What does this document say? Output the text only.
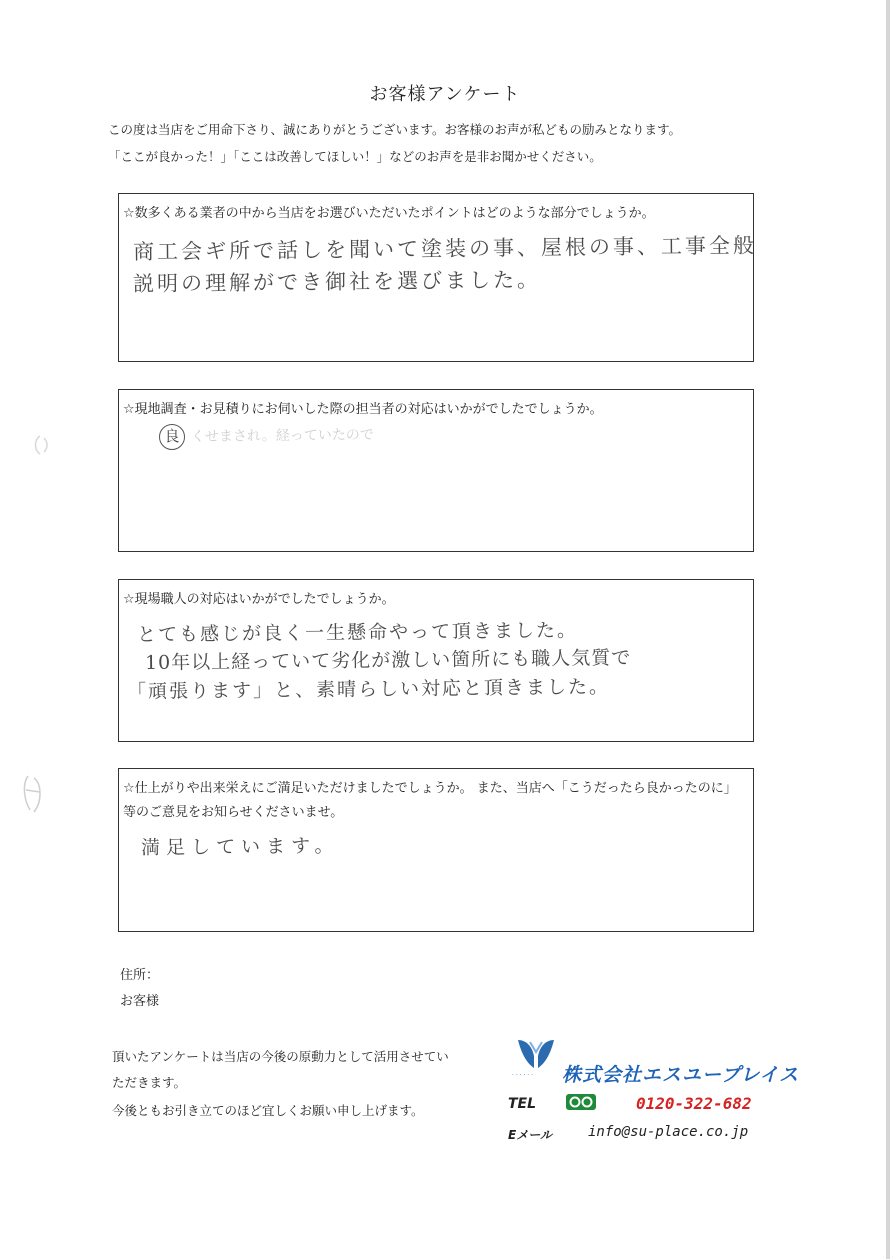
お客様アンケート
この度は当店をご用命下さり、誠にありがとうございます。お客様のお声が私どもの励みとなります。
「ここが良かった！」「ここは改善してほしい！」などのお声を是非お聞かせください。
☆数多くある業者の中から当店をお選びいただいたポイントはどのような部分でしょうか。
商工会ギ所で話しを聞いて塗装の事、屋根の事、工事全般
説明の理解ができ御社を選びました。
☆現地調査・お見積りにお伺いした際の担当者の対応はいかがでしたでしょうか。
良 くせまされ。経っていたので
☆現場職人の対応はいかがでしたでしょうか。
とても感じが良く一生懸命やって頂きました。
10年以上経っていて劣化が激しい箇所にも職人気質で
「頑張ります」と、素晴らしい対応と頂きました。
☆仕上がりや出来栄えにご満足いただけましたでしょうか。 また、当店へ「こうだったら良かったのに」
等のご意見をお知らせくださいませ。
満足しています。
住所：
お客様
頂いたアンケートは当店の今後の原動力として活用させてい
ただきます。
今後ともお引き立てのほど宜しくお願い申し上げます。
· · · · · · 株式会社エスユープレイス
TEL	0120-322-682
Eメール	info@su-place.co.jp
